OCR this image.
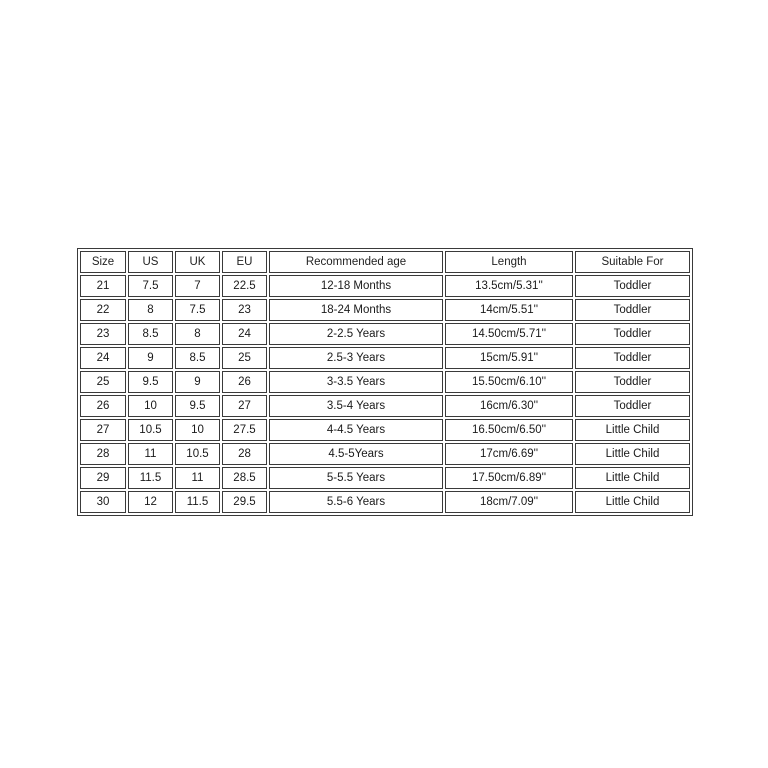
Size	US	UK	EU	Recommended age	Length	Suitable For
21	7.5	7	22.5	12-18 Months	13.5cm/5.31''	Toddler
22	8	7.5	23	18-24 Months	14cm/5.51''	Toddler
23	8.5	8	24	2-2.5 Years	14.50cm/5.71''	Toddler
24	9	8.5	25	2.5-3 Years	15cm/5.91''	Toddler
25	9.5	9	26	3-3.5 Years	15.50cm/6.10''	Toddler
26	10	9.5	27	3.5-4 Years	16cm/6.30''	Toddler
27	10.5	10	27.5	4-4.5 Years	16.50cm/6.50''	Little Child
28	11	10.5	28	4.5-5Years	17cm/6.69''	Little Child
29	11.5	11	28.5	5-5.5 Years	17.50cm/6.89''	Little Child
30	12	11.5	29.5	5.5-6 Years	18cm/7.09''	Little Child
